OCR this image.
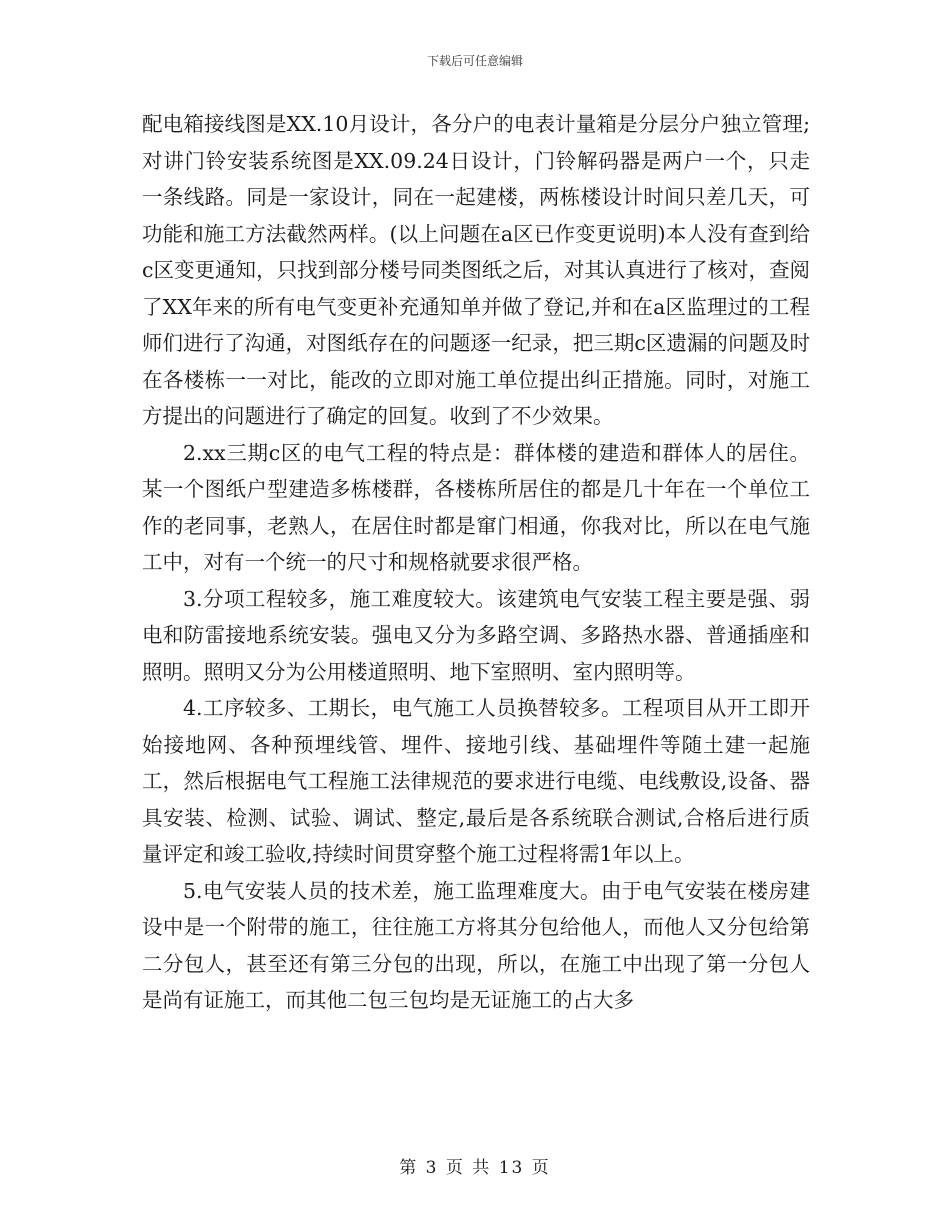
下载后可任意编辑

配电箱接线图是XX.10月设计，各分户的电表计量箱是分层分户独立管理;对讲门铃安装系统图是XX.09.24日设计，门铃解码器是两户一个，只走一条线路。同是一家设计，同在一起建楼，两栋楼设计时间只差几天，可功能和施工方法截然两样。(以上问题在a区已作变更说明)本人没有查到给c区变更通知，只找到部分楼号同类图纸之后，对其认真进行了核对，查阅了XX年来的所有电气变更补充通知单并做了登记,并和在a区监理过的工程师们进行了沟通，对图纸存在的问题逐一纪录，把三期c区遗漏的问题及时在各楼栋一一对比，能改的立即对施工单位提出纠正措施。同时，对施工方提出的问题进行了确定的回复。收到了不少效果。

2.xx三期c区的电气工程的特点是：群体楼的建造和群体人的居住。某一个图纸户型建造多栋楼群，各楼栋所居住的都是几十年在一个单位工作的老同事，老熟人，在居住时都是窜门相通，你我对比，所以在电气施工中，对有一个统一的尺寸和规格就要求很严格。

3.分项工程较多，施工难度较大。该建筑电气安装工程主要是强、弱电和防雷接地系统安装。强电又分为多路空调、多路热水器、普通插座和照明。照明又分为公用楼道照明、地下室照明、室内照明等。

4.工序较多、工期长，电气施工人员换替较多。工程项目从开工即开始接地网、各种预埋线管、埋件、接地引线、基础埋件等随土建一起施工，然后根据电气工程施工法律规范的要求进行电缆、电线敷设,设备、器具安装、检测、试验、调试、整定,最后是各系统联合测试,合格后进行质量评定和竣工验收,持续时间贯穿整个施工过程将需1年以上。

5.电气安装人员的技术差，施工监理难度大。由于电气安装在楼房建设中是一个附带的施工，往往施工方将其分包给他人，而他人又分包给第二分包人，甚至还有第三分包的出现，所以，在施工中出现了第一分包人是尚有证施工，而其他二包三包均是无证施工的占大多

第 3 页 共 13 页
